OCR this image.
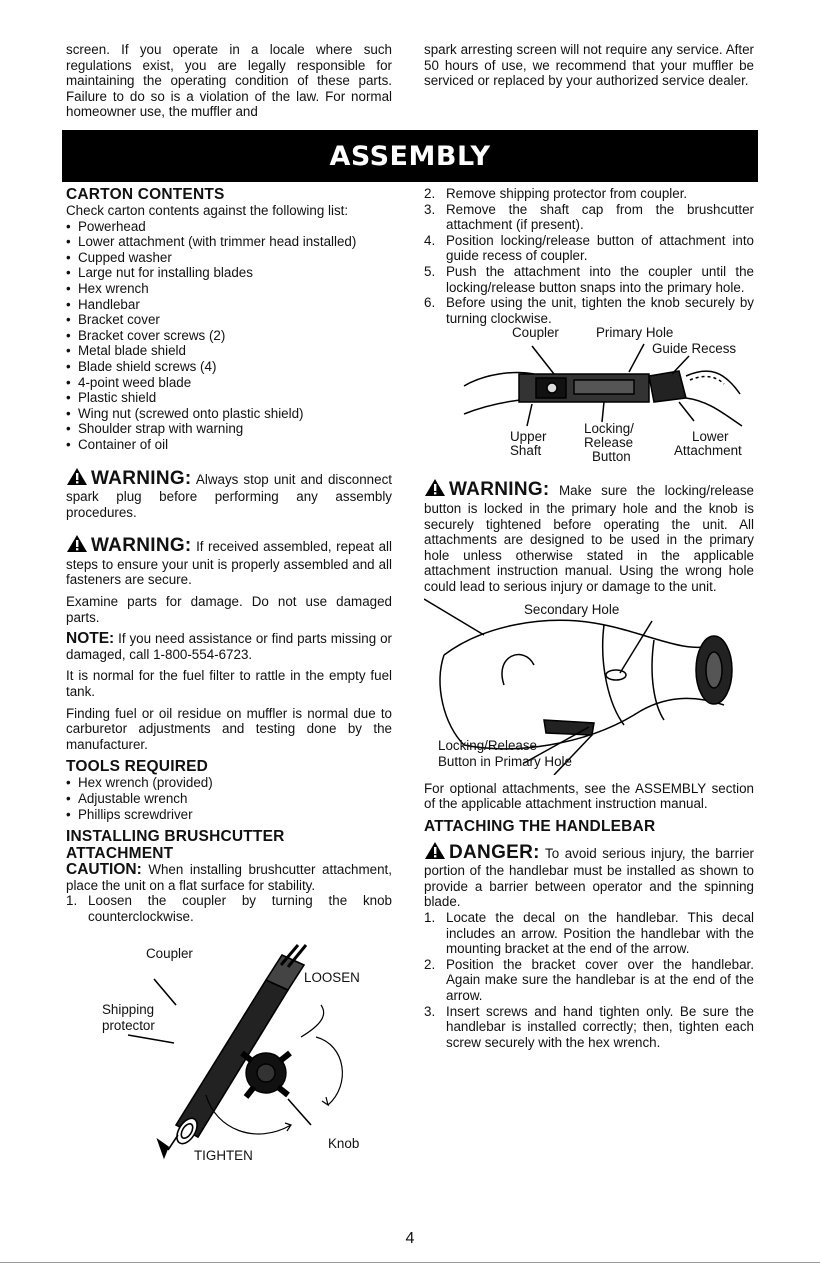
screen. If you operate in a locale where such regulations exist, you are legally responsible for maintaining the operating condition of these parts. Failure to do so is a violation of the law. For normal homeowner use, the muffler and
spark arresting screen will not require any service. After 50 hours of use, we recommend that your muffler be serviced or replaced by your authorized service dealer.
ASSEMBLY
CARTON CONTENTS

Check carton contents against the following list:

• Powerhead
• Lower attachment (with trimmer head installed)
• Cupped washer
• Large nut for installing blades
• Hex wrench
• Handlebar
• Bracket cover
• Bracket cover screws (2)
• Metal blade shield
• Blade shield screws (4)
• 4-point weed blade
• Plastic shield
• Wing nut (screwed onto plastic shield)
• Shoulder strap with warning
• Container of oil

WARNING: Always stop unit and disconnect spark plug before performing any assembly procedures.

WARNING: If received assembled, repeat all steps to ensure your unit is properly assembled and all fasteners are secure.

Examine parts for damage. Do not use damaged parts.

NOTE: If you need assistance or find parts missing or damaged, call 1-800-554-6723.

It is normal for the fuel filter to rattle in the empty fuel tank.

Finding fuel or oil residue on muffler is normal due to carburetor adjustments and testing done by the manufacturer.

TOOLS REQUIRED
• Hex wrench (provided)
• Adjustable wrench
• Phillips screwdriver
INSTALLING BRUSHCUTTER ATTACHMENT

CAUTION: When installing brushcutter attachment, place the unit on a flat surface for stability.

1. Loosen the coupler by turning the knob counterclockwise.
Coupler
LOOSEN
Shipping
protector
TIGHTEN
Knob
2. Remove shipping protector from coupler.
3. Remove the shaft cap from the brushcutter attachment (if present).
4. Position locking/release button of attachment into guide recess of coupler.
5. Push the attachment into the coupler until the locking/release button snaps into the primary hole.
6. Before using the unit, tighten the knob securely by turning clockwise.
Coupler	Primary Hole
Guide Recess
Upper
Shaft
Locking/
Release
Button
Lower
Attachment

WARNING: Make sure the locking/release button is locked in the primary hole and the knob is securely tightened before operating the unit. All attachments are designed to be used in the primary hole unless otherwise stated in the applicable attachment instruction manual. Using the wrong hole could lead to serious injury or damage to the unit.

Secondary Hole
Locking/Release
Button in Primary Hole

For optional attachments, see the ASSEMBLY section of the applicable attachment instruction manual.

ATTACHING THE HANDLEBAR

DANGER: To avoid serious injury, the barrier portion of the handlebar must be installed as shown to provide a barrier between operator and the spinning blade.

1. Locate the decal on the handlebar. This decal includes an arrow. Position the handlebar with the mounting bracket at the end of the arrow.
2. Position the bracket cover over the handlebar. Again make sure the handlebar is at the end of the arrow.
3. Insert screws and hand tighten only. Be sure the handlebar is installed correctly; then, tighten each screw securely with the hex wrench.
4
